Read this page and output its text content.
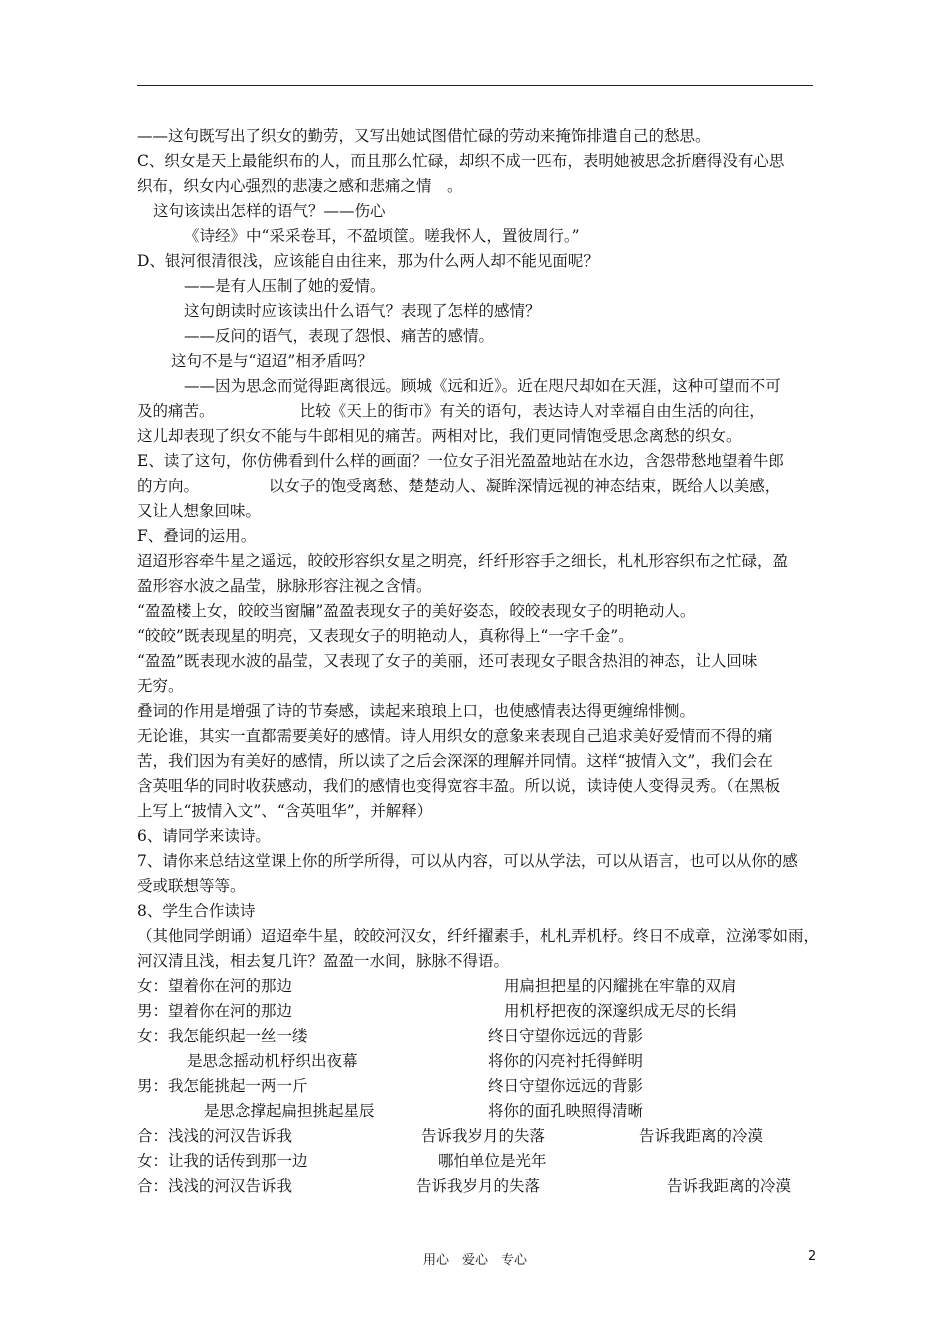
——这句既写出了织女的勤劳，又写出她试图借忙碌的劳动来掩饰排遣自己的愁思。
C、织女是天上最能织布的人，而且那么忙碌，却织不成一匹布，表明她被思念折磨得没有心思
织布，织女内心强烈的悲凄之感和悲痛之情　。
这句该读出怎样的语气？——伤心
《诗经》中“采采卷耳，不盈顷筐。嗟我怀人，置彼周行。”
D、银河很清很浅，应该能自由往来，那为什么两人却不能见面呢？
——是有人压制了她的爱情。
这句朗读时应该读出什么语气？表现了怎样的感情？
——反问的语气，表现了怨恨、痛苦的感情。
这句不是与“迢迢”相矛盾吗？
——因为思念而觉得距离很远。顾城《远和近》。近在咫尺却如在天涯，这种可望而不可
及的痛苦。　　　　　　比较《天上的街市》有关的语句，表达诗人对幸福自由生活的向往，
这儿却表现了织女不能与牛郎相见的痛苦。两相对比，我们更同情饱受思念离愁的织女。
E、读了这句，你仿佛看到什么样的画面？一位女子泪光盈盈地站在水边，含怨带愁地望着牛郎
的方向。　　　　　以女子的饱受离愁、楚楚动人、凝眸深情远视的神态结束，既给人以美感，
又让人想象回味。
F、叠词的运用。
迢迢形容牵牛星之遥远，皎皎形容织女星之明亮，纤纤形容手之细长，札札形容织布之忙碌，盈
盈形容水波之晶莹，脉脉形容注视之含情。
“盈盈楼上女，皎皎当窗牖”盈盈表现女子的美好姿态，皎皎表现女子的明艳动人。
“皎皎”既表现星的明亮，又表现女子的明艳动人，真称得上“一字千金”。
“盈盈”既表现水波的晶莹，又表现了女子的美丽，还可表现女子眼含热泪的神态，让人回味
无穷。
叠词的作用是增强了诗的节奏感，读起来琅琅上口，也使感情表达得更缠绵悱恻。
无论谁，其实一直都需要美好的感情。诗人用织女的意象来表现自己追求美好爱情而不得的痛
苦，我们因为有美好的感情，所以读了之后会深深的理解并同情。这样“披情入文”，我们会在
含英咀华的同时收获感动，我们的感情也变得宽容丰盈。所以说，读诗使人变得灵秀。（在黑板
上写上“披情入文”、“含英咀华”，并解释）
6、请同学来读诗。
7、请你来总结这堂课上你的所学所得，可以从内容，可以从学法，可以从语言，也可以从你的感
受或联想等等。
8、学生合作读诗
（其他同学朗诵）迢迢牵牛星，皎皎河汉女，纤纤擢素手，札札弄机杼。终日不成章，泣涕零如雨，
河汉清且浅，相去复几许？盈盈一水间，脉脉不得语。
女：望着你在河的那边	用扁担把星的闪耀挑在牢靠的双肩
男：望着你在河的那边	用机杼把夜的深邃织成无尽的长绢
女：我怎能织起一丝一缕	终日守望你远远的背影
是思念摇动机杼织出夜幕	将你的闪亮衬托得鲜明
男：我怎能挑起一两一斤	终日守望你远远的背影
是思念撑起扁担挑起星辰	将你的面孔映照得清晰
合：浅浅的河汉告诉我	告诉我岁月的失落	告诉我距离的冷漠
女：让我的话传到那一边	哪怕单位是光年
合：浅浅的河汉告诉我	告诉我岁月的失落	告诉我距离的冷漠
用心　爱心　专心	2
